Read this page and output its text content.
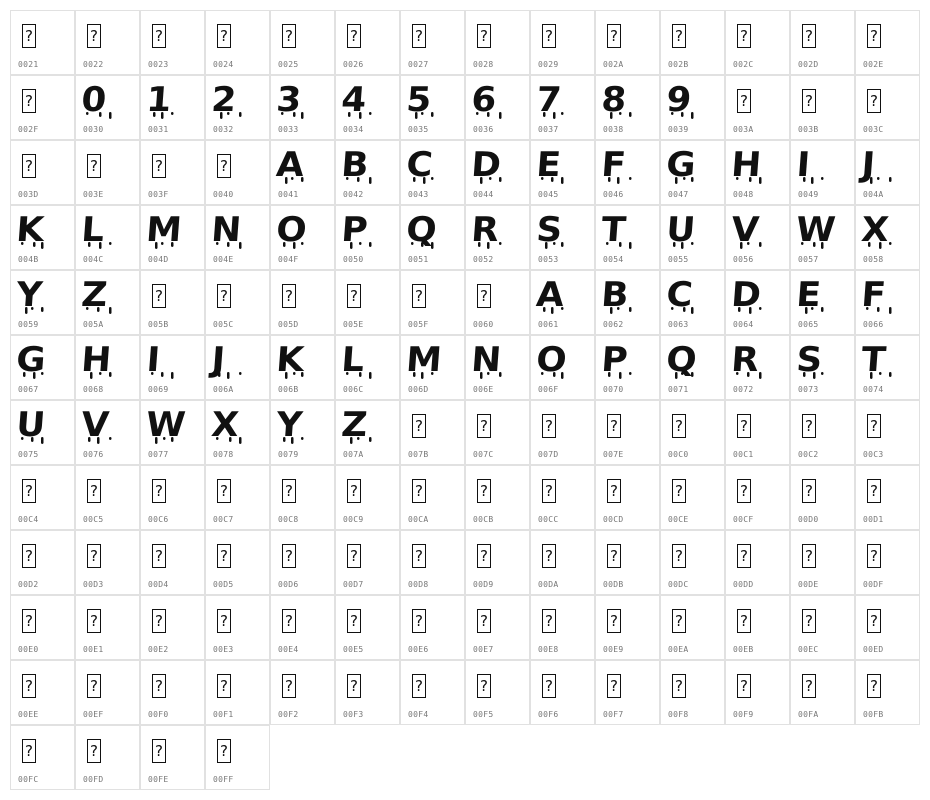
?
0021
?
0022
?
0023
?
0024
?
0025
?
0026
?
0027
?
0028
?
0029
?
002A
?
002B
?
002C
?
002D
?
002E
?
002F
0
0030
1
0031
2
0032
3
0033
4
0034
5
0035
6
0036
7
0037
8
0038
9
0039
?
003A
?
003B
?
003C
?
003D
?
003E
?
003F
?
0040
A
0041
B
0042
C
0043
D
0044
E
0045
F
0046
G
0047
H
0048
I
0049
J
004A
K
004B
L
004C
M
004D
N
004E
O
004F
P
0050
Q
0051
R
0052
S
0053
T
0054
U
0055
V
0056
W
0057
X
0058
Y
0059
Z
005A
?
005B
?
005C
?
005D
?
005E
?
005F
?
0060
A
0061
B
0062
C
0063
D
0064
E
0065
F
0066
G
0067
H
0068
I
0069
J
006A
K
006B
L
006C
M
006D
N
006E
O
006F
P
0070
Q
0071
R
0072
S
0073
T
0074
U
0075
V
0076
W
0077
X
0078
Y
0079
Z
007A
?
007B
?
007C
?
007D
?
007E
?
00C0
?
00C1
?
00C2
?
00C3
?
00C4
?
00C5
?
00C6
?
00C7
?
00C8
?
00C9
?
00CA
?
00CB
?
00CC
?
00CD
?
00CE
?
00CF
?
00D0
?
00D1
?
00D2
?
00D3
?
00D4
?
00D5
?
00D6
?
00D7
?
00D8
?
00D9
?
00DA
?
00DB
?
00DC
?
00DD
?
00DE
?
00DF
?
00E0
?
00E1
?
00E2
?
00E3
?
00E4
?
00E5
?
00E6
?
00E7
?
00E8
?
00E9
?
00EA
?
00EB
?
00EC
?
00ED
?
00EE
?
00EF
?
00F0
?
00F1
?
00F2
?
00F3
?
00F4
?
00F5
?
00F6
?
00F7
?
00F8
?
00F9
?
00FA
?
00FB
?
00FC
?
00FD
?
00FE
?
00FF
